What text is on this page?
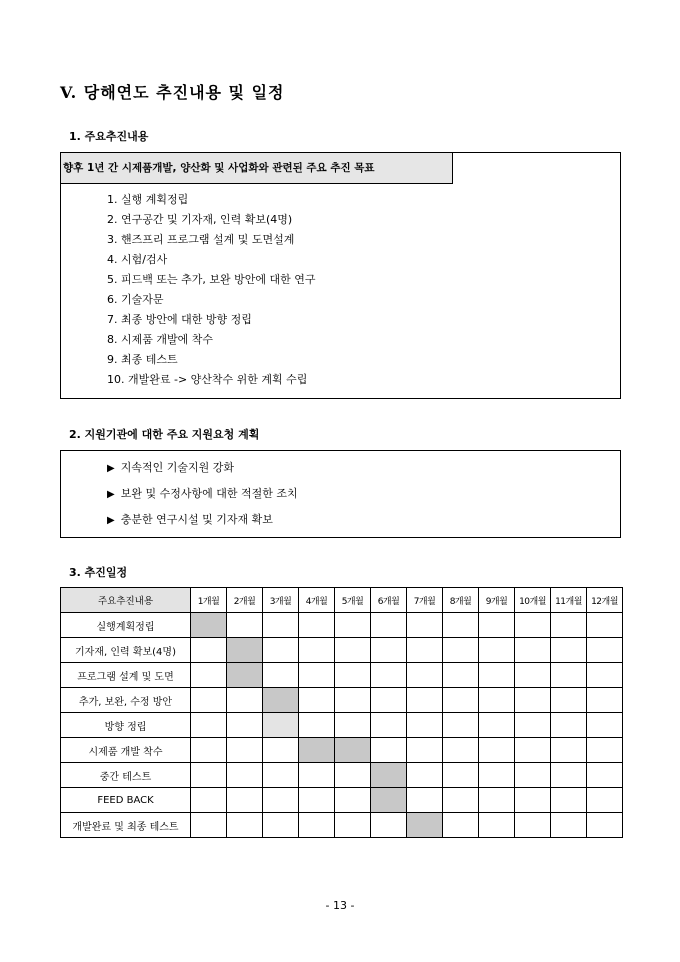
V. 당해연도 추진내용 및 일정
1. 주요추진내용
향후 1년 간 시제품개발, 양산화 및 사업화와 관련된 주요 추진 목표
1. 실행 계획정립
2. 연구공간 및 기자재, 인력 확보(4명)
3. 핸즈프리 프로그램 설계 및 도면설계
4. 시험/검사
5. 피드백 또는 추가, 보완 방안에 대한 연구
6. 기술자문
7. 최종 방안에 대한 방향 정립
8. 시제품 개발에 착수
9. 최종 테스트
10. 개발완료 -> 양산착수 위한 계획 수립
2. 지원기관에 대한 주요 지원요청 계획
▶ 지속적인 기술지원 강화
▶ 보완 및 수정사항에 대한 적절한 조치
▶ 충분한 연구시설 및 기자재 확보
3. 추진일정
주요추진내용	1개월	2개월	3개월	4개월	5개월	6개월	7개월	8개월	9개월	10개월	11개월	12개월
실행계획정립												
기자재, 인력 확보(4명)												
프로그램 설계 및 도면												
추가, 보완, 수정 방안												
방향 정립												
시제품 개발 착수												
중간 테스트												
FEED BACK												
개발완료 및 최종 테스트												
- 13 -
